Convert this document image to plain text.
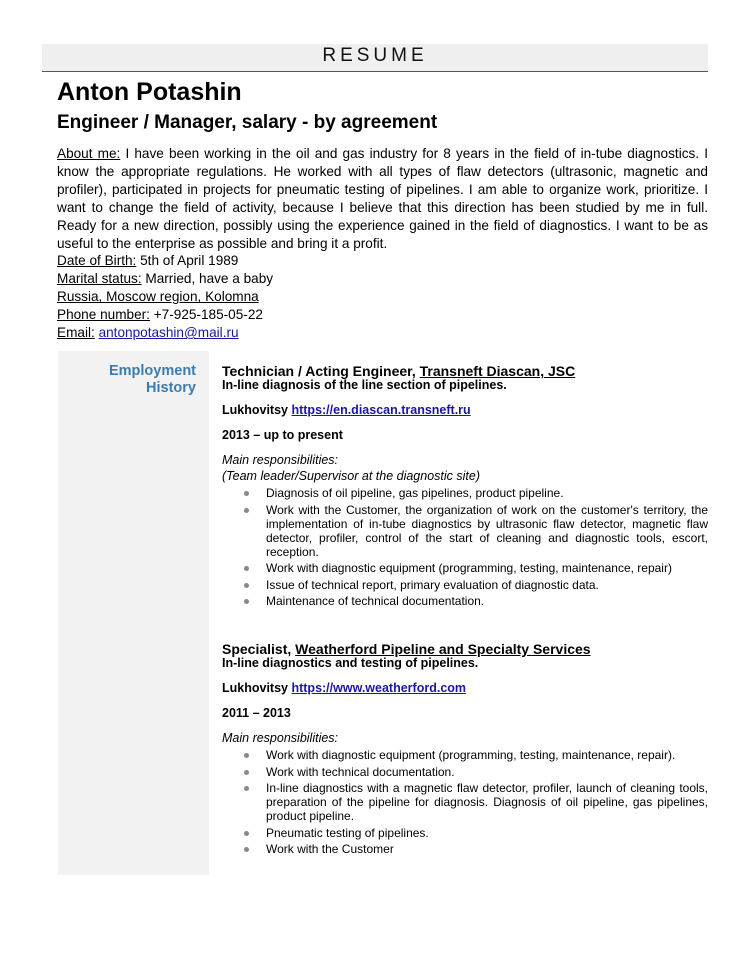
RESUME
Anton Potashin
Engineer / Manager, salary - by agreement
About me: I have been working in the oil and gas industry for 8 years in the field of in-tube diagnostics. I know the appropriate regulations. He worked with all types of flaw detectors (ultrasonic, magnetic and profiler), participated in projects for pneumatic testing of pipelines. I am able to organize work, prioritize. I want to change the field of activity, because I believe that this direction has been studied by me in full. Ready for a new direction, possibly using the experience gained in the field of diagnostics. I want to be as useful to the enterprise as possible and bring it a profit.
Date of Birth: 5th of April 1989
Marital status: Married, have a baby
Russia, Moscow region, Kolomna
Phone number: +7-925-185-05-22
Email: antonpotashin@mail.ru
Employment History
Technician / Acting Engineer, Transneft Diascan, JSC
In-line diagnosis of the line section of pipelines.
Lukhovitsy https://en.diascan.transneft.ru
2013 – up to present
Main responsibilities:
(Team leader/Supervisor at the diagnostic site)
Diagnosis of oil pipeline, gas pipelines, product pipeline.
Work with the Customer, the organization of work on the customer's territory, the implementation of in-tube diagnostics by ultrasonic flaw detector, magnetic flaw detector, profiler, control of the start of cleaning and diagnostic tools, escort, reception.
Work with diagnostic equipment (programming, testing, maintenance, repair)
Issue of technical report, primary evaluation of diagnostic data.
Maintenance of technical documentation.
Specialist, Weatherford Pipeline and Specialty Services
In-line diagnostics and testing of pipelines.
Lukhovitsy https://www.weatherford.com
2011 – 2013
Main responsibilities:
Work with diagnostic equipment (programming, testing, maintenance, repair).
Work with technical documentation.
In-line diagnostics with a magnetic flaw detector, profiler, launch of cleaning tools, preparation of the pipeline for diagnosis. Diagnosis of oil pipeline, gas pipelines, product pipeline.
Pneumatic testing of pipelines.
Work with the Customer
